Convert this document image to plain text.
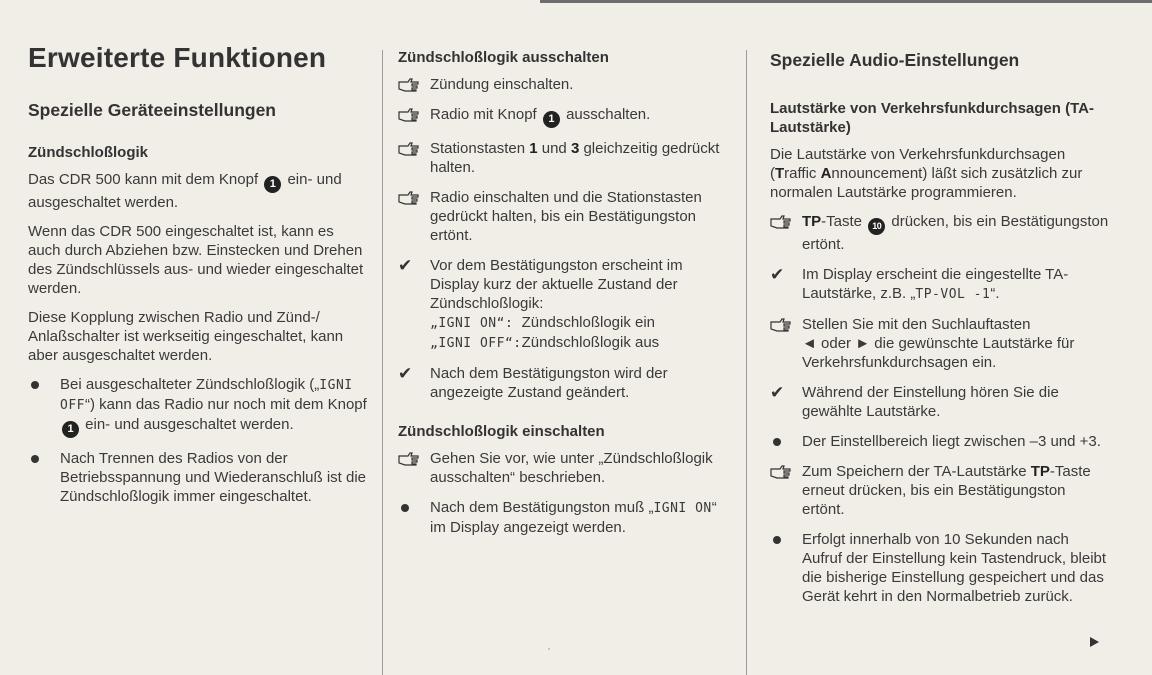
Erweiterte Funktionen
Spezielle Geräteeinstellungen
Zündschloßlogik

Das CDR 500 kann mit dem Knopf 1 ein- und ausgeschaltet werden.

Wenn das CDR 500 eingeschaltet ist, kann es auch durch Abziehen bzw. Einstecken und Drehen des Zündschlüssels aus- und wieder eingeschaltet werden.

Diese Kopplung zwischen Radio und Zünd-/ Anlaßschalter ist werkseitig eingeschaltet, kann aber ausgeschaltet werden.

Bei ausgeschalteter Zündschloßlogik („IGNI OFF“) kann das Radio nur noch mit dem Knopf 1 ein- und ausgeschaltet werden.
Nach Trennen des Radios von der Betriebsspannung und Wiederanschluß ist die Zündschloßlogik immer eingeschaltet.
Zündschloßlogik ausschalten
Zündung einschalten.
Radio mit Knopf 1 ausschalten.
Stationstasten 1 und 3 gleichzeitig gedrückt halten.
Radio einschalten und die Stationstasten gedrückt halten, bis ein Bestätigungston ertönt.
✔	Vor dem Bestätigungston erscheint im Display kurz der aktuelle Zustand der Zündschloßlogik:
„IGNI ON“: Zündschloßlogik ein
„IGNI OFF“:Zündschloßlogik aus
✔	Nach dem Bestätigungston wird der angezeigte Zustand geändert.
Zündschloßlogik einschalten
Gehen Sie vor, wie unter „Zündschloßlogik ausschalten“ beschrieben.
Nach dem Bestätigungston muß „IGNI ON“ im Display angezeigt werden.
Spezielle Audio-Einstellungen
Lautstärke von Verkehrsfunkdurchsagen (TA-Lautstärke)

Die Lautstärke von Verkehrsfunkdurchsagen (Traffic Announcement) läßt sich zusätzlich zur normalen Lautstärke programmieren.

TP-Taste 10 drücken, bis ein Bestätigungston ertönt.
✔	Im Display erscheint die eingestellte TA-Lautstärke, z.B. „TP-VOL -1“.
Stellen Sie mit den Suchlauftasten
◄ oder ► die gewünschte Lautstärke für Verkehrsfunkdurchsagen ein.
✔	Während der Einstellung hören Sie die gewählte Lautstärke.
Der Einstellbereich liegt zwischen –3 und +3.
Zum Speichern der TA-Lautstärke TP-Taste erneut drücken, bis ein Bestätigungston ertönt.
Erfolgt innerhalb von 10 Sekunden nach Aufruf der Einstellung kein Tastendruck, bleibt die bisherige Einstellung gespeichert und das Gerät kehrt in den Normalbetrieb zurück.
